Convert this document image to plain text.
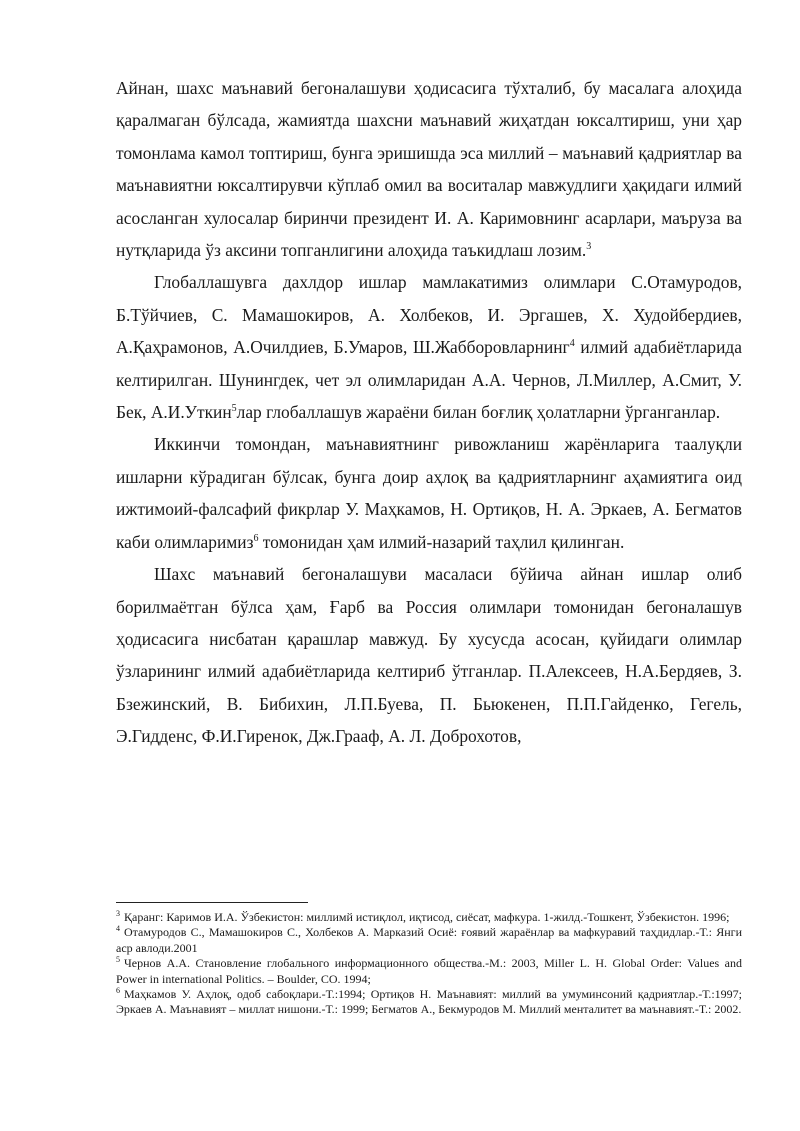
Айнан, шахс маънавий бегоналашуви ҳодисасига тўхталиб, бу масалага алоҳида қаралмаган бўлсада, жамиятда шахсни маънавий жиҳатдан юксалтириш, уни ҳар томонлама камол топтириш, бунга эришишда эса миллий – маънавий қадриятлар ва маънавиятни юксалтирувчи кўплаб омил ва воситалар мавжудлиги ҳақидаги илмий асосланган хулосалар биринчи президент И. А. Каримовнинг асарлари, маъруза ва нутқларида ўз аксини топганлигини алоҳида таъкидлаш лозим.$^3$

Глобаллашувга дахлдор ишлар мамлакатимиз олимлари С.Отамуродов, Б.Тўйчиев, С. Мамашокиров, А. Холбеков, И. Эргашев, Х. Худойбердиев, А.Қаҳрамонов, А.Очилдиев, Б.Умаров, Ш.Жабборовларнинг$^4$ илмий адабиётларида келтирилган. Шунингдек, чет эл олимларидан А.А. Чернов, Л.Миллер, А.Смит, У. Бек, А.И.Уткин$^5$лар глобаллашув жараёни билан боғлиқ ҳолатларни ўрганганлар.

Иккинчи томондан, маънавиятнинг ривожланиш жарёнларига таалуқли ишларни кўрадиган бўлсак, бунга доир аҳлоқ ва қадриятларнинг аҳамиятига оид ижтимоий-фалсафий фикрлар У. Маҳкамов, Н. Ортиқов, Н. А. Эркаев, А. Бегматов каби олимларимиз$^6$ томонидан ҳам илмий-назарий таҳлил қилинган.

Шахс маънавий бегоналашуви масаласи бўйича айнан ишлар олиб борилмаётган бўлса ҳам, Ғарб ва Россия олимлари томонидан бегоналашув ҳодисасига нисбатан қарашлар мавжуд. Бу хусусда асосан, қуйидаги олимлар ўзларининг илмий адабиётларида келтириб ўтганлар. П.Алексеев, Н.А.Бердяев, З. Бзежинский, В. Бибихин, Л.П.Буева, П. Бьюкенен, П.П.Гайденко, Гегель, Э.Гидденс, Ф.И.Гиренок, Дж.Грааф, А. Л. Доброхотов,

$^3$ Қаранг: Каримов И.А. Ўзбекистон: миллимй истиқлол, иқтисод, сиёсат, мафкура. 1-жилд.-Тошкент, Ўзбекистон. 1996;

$^4$ Отамуродов С., Мамашокиров С., Холбеков А. Марказий Осиё: ғоявий жараёнлар ва мафкуравий таҳдидлар.-Т.: Янги аср авлоди.2001

$^5$ Чернов А.А. Становление глобального информационного общества.-М.: 2003, Miller L. H. Global Order: Values and Power in international Politics. – Boulder, CO. 1994;

$^6$ Маҳкамов У. Аҳлоқ, одоб сабоқлари.-Т.:1994; Ортиқов Н. Маънавият: миллий ва умуминсоний қадриятлар.-Т.:1997; Эркаев А. Маънавият – миллат нишони.-Т.: 1999; Бегматов А., Бекмуродов М. Миллий менталитет ва маънавият.-Т.: 2002.
